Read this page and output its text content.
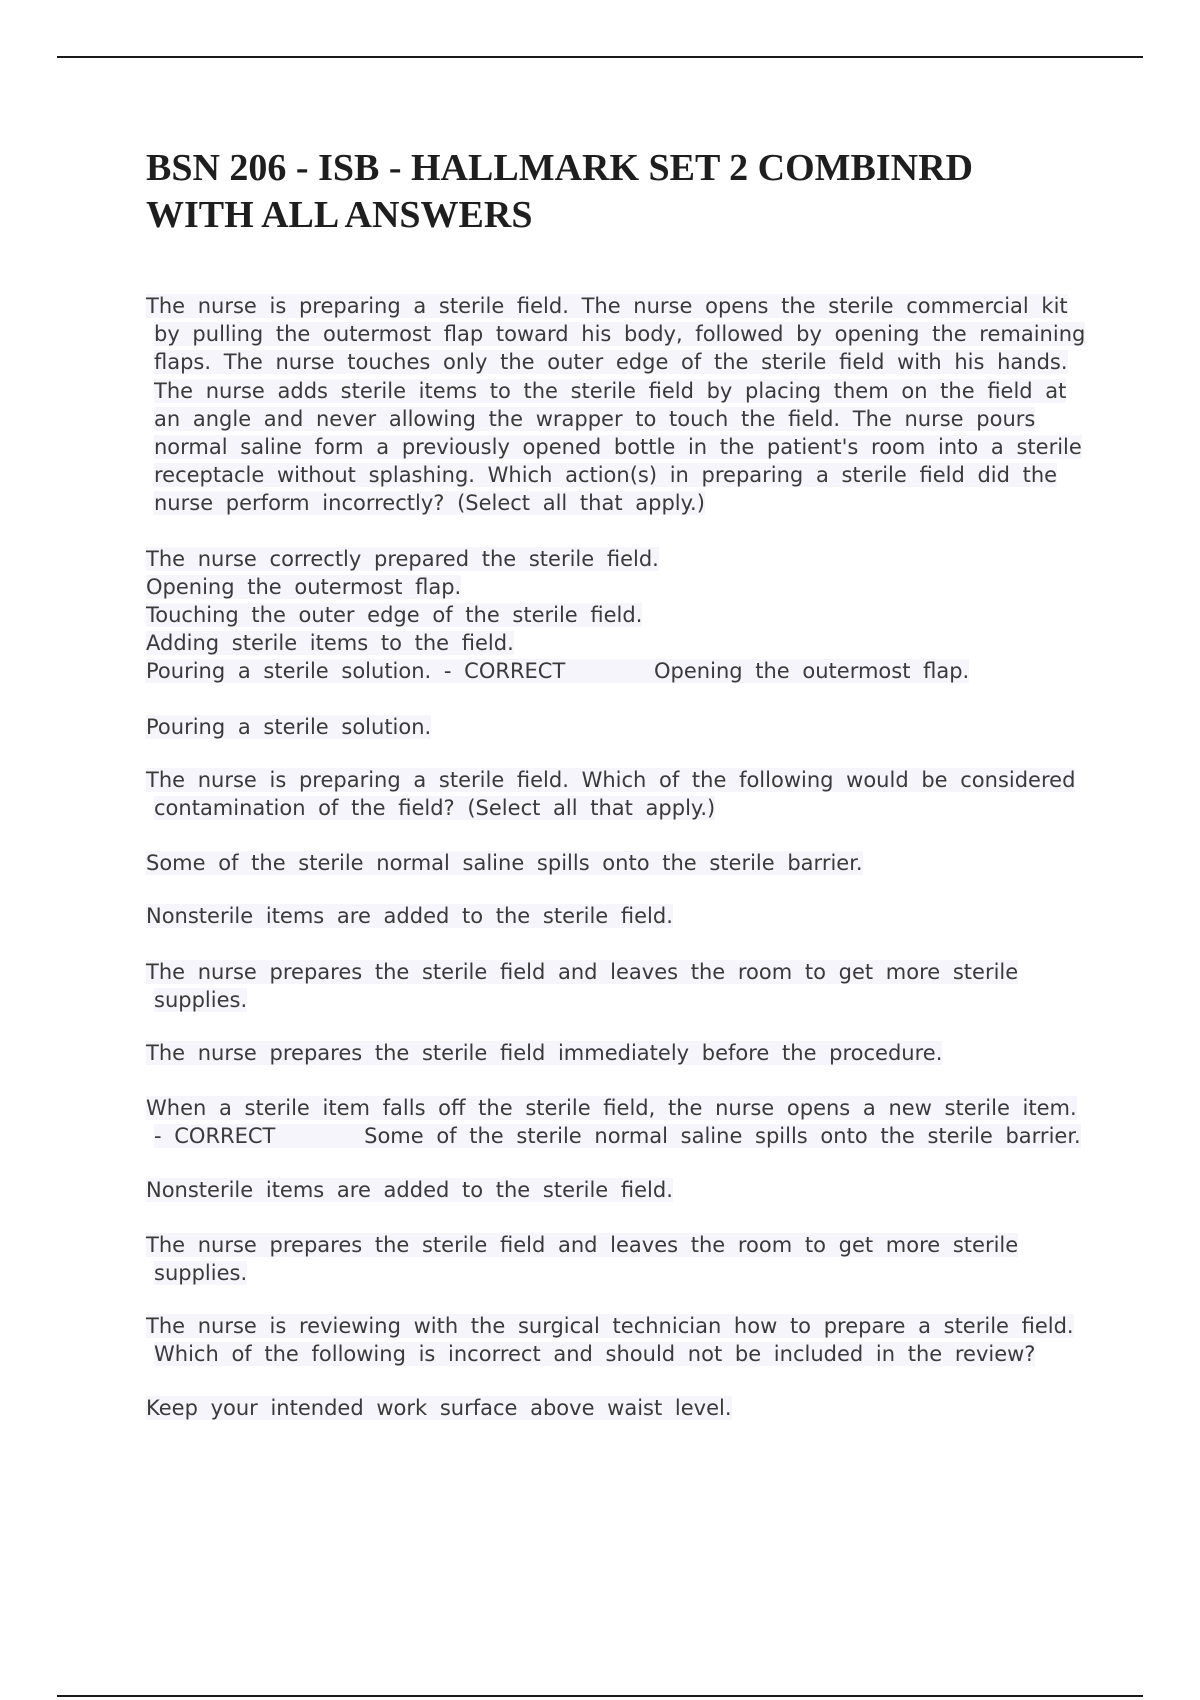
BSN 206 - ISB - HALLMARK SET 2 COMBINRD
WITH ALL ANSWERS
The nurse is preparing a sterile field. The nurse opens the sterile commercial kit
by pulling the outermost flap toward his body, followed by opening the remaining
flaps. The nurse touches only the outer edge of the sterile field with his hands.
The nurse adds sterile items to the sterile field by placing them on the field at
an angle and never allowing the wrapper to touch the field. The nurse pours
normal saline form a previously opened bottle in the patient's room into a sterile
receptacle without splashing. Which action(s) in preparing a sterile field did the
nurse perform incorrectly? (Select all that apply.)
The nurse correctly prepared the sterile field.
Opening the outermost flap.
Touching the outer edge of the sterile field.
Adding sterile items to the field.
Pouring a sterile solution. - CORRECT       Opening the outermost flap.
Pouring a sterile solution.
The nurse is preparing a sterile field. Which of the following would be considered
contamination of the field? (Select all that apply.)
Some of the sterile normal saline spills onto the sterile barrier.
Nonsterile items are added to the sterile field.
The nurse prepares the sterile field and leaves the room to get more sterile
supplies.
The nurse prepares the sterile field immediately before the procedure.
When a sterile item falls off the sterile field, the nurse opens a new sterile item.
- CORRECT       Some of the sterile normal saline spills onto the sterile barrier.
Nonsterile items are added to the sterile field.
The nurse prepares the sterile field and leaves the room to get more sterile
supplies.
The nurse is reviewing with the surgical technician how to prepare a sterile field.
Which of the following is incorrect and should not be included in the review?
Keep your intended work surface above waist level.
